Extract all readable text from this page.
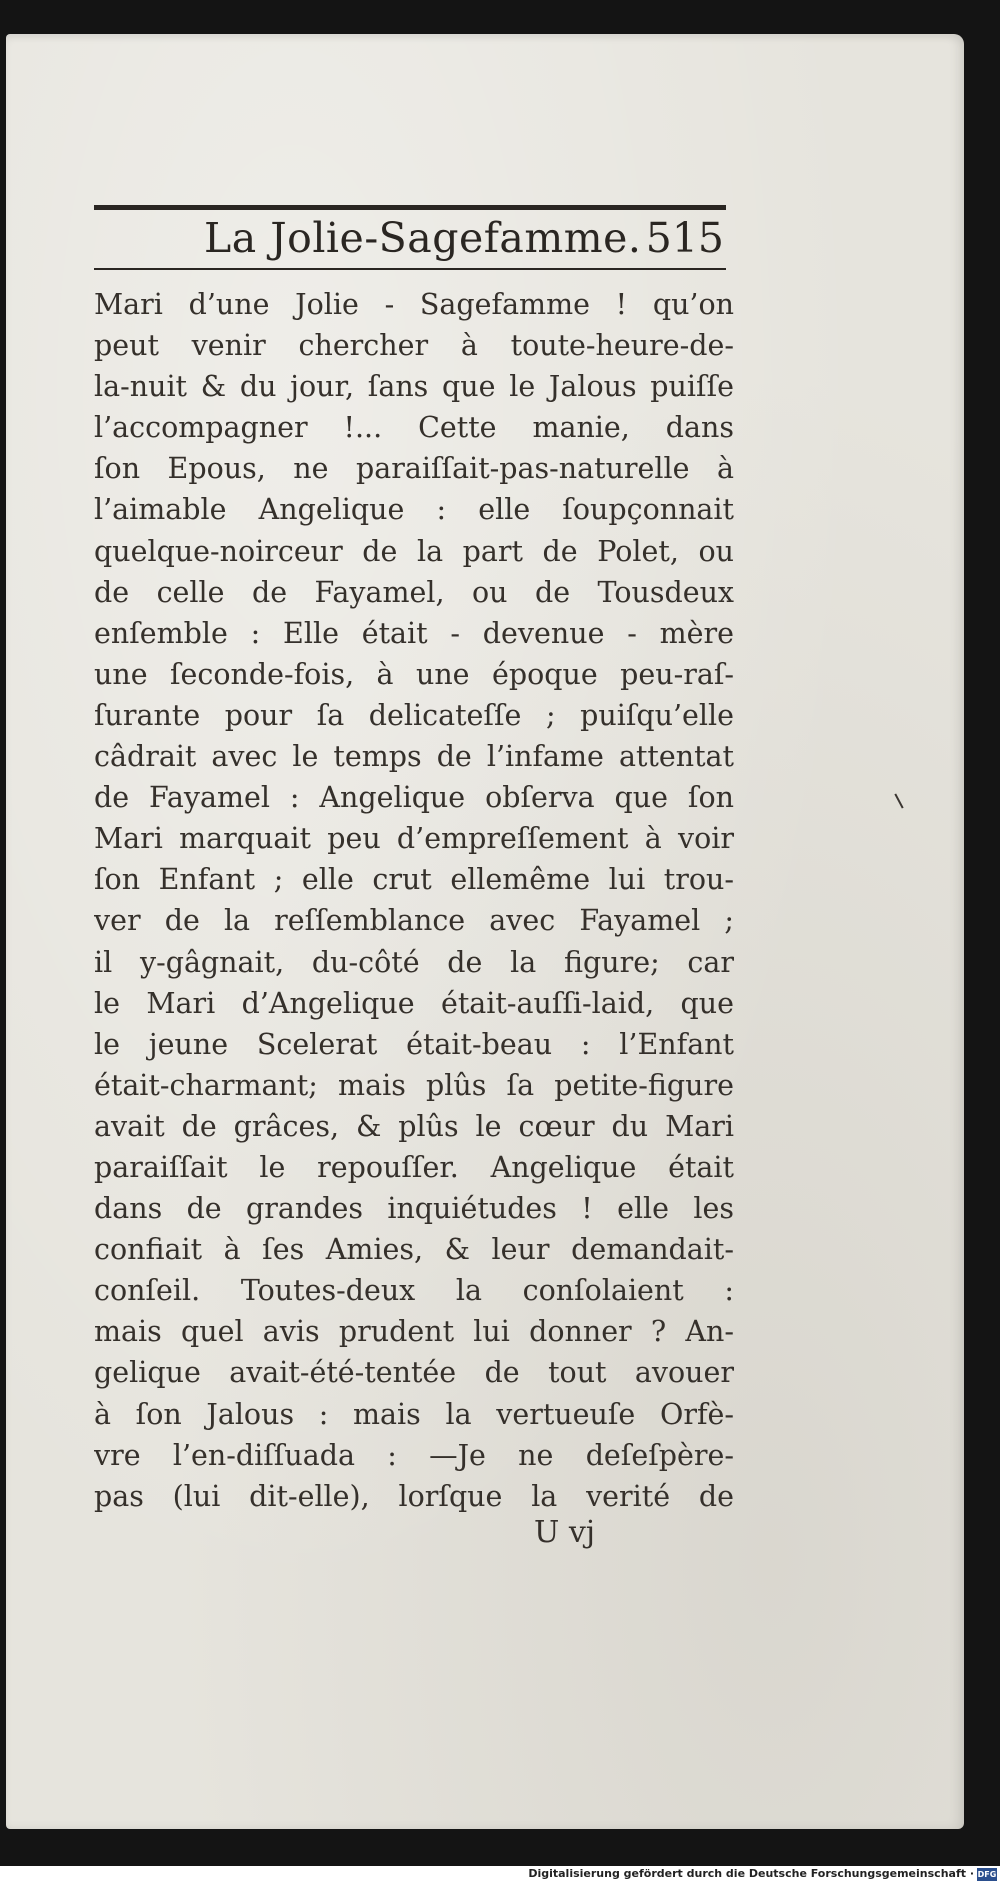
La Jolie-Sagefamme. 515
Mari d’une Jolie - Sagefamme ! qu’on
peut venir chercher à toute-heure-de-
la-nuit & du jour, ſans que le Jalous puiſſe
l’accompagner !... Cette manie, dans
ſon Epous, ne paraiſſait-pas-naturelle à
l’aimable Angelique : elle ſoupçonnait
quelque-noirceur de la part de Polet, ou
de celle de Fayamel, ou de Tousdeux
enſemble : Elle était - devenue - mère
une ſeconde-fois, à une époque peu-raſ-
ſurante pour ſa delicateſſe ; puiſqu’elle
câdrait avec le temps de l’infame attentat
de Fayamel : Angelique obſerva que ſon
Mari marquait peu d’empreſſement à voir
ſon Enfant ; elle crut ellemême lui trou-
ver de la reſſemblance avec Fayamel ;
il y-gâgnait, du-côté de la figure; car
le Mari d’Angelique était-auſſi-laid, que
le jeune Scelerat était-beau : l’Enfant
était-charmant; mais plûs ſa petite-figure
avait de grâces, & plûs le cœur du Mari
paraiſſait le repouſſer. Angelique était
dans de grandes inquiétudes ! elle les
confiait à ſes Amies, & leur demandait-
conſeil. Toutes-deux la conſolaient :
mais quel avis prudent lui donner ? An-
gelique avait-été-tentée de tout avouer
à ſon Jalous : mais la vertueuſe Orfè-
vre l’en-diſſuada : —Je ne deſeſpère-
pas (lui dit-elle), lorſque la verité de
U vj
Digitalisierung gefördert durch die Deutsche Forschungsgemeinschaft · DFG
